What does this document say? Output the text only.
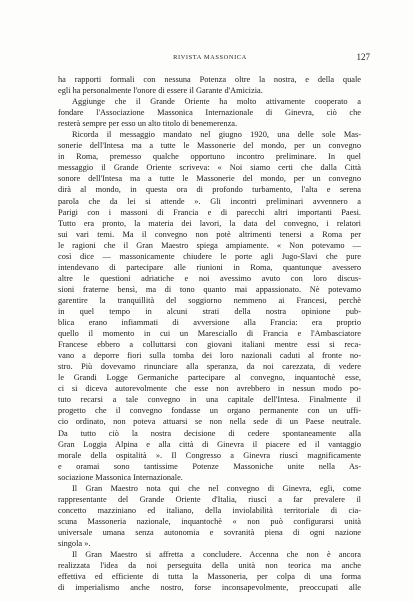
RIVISTA MASSONICA	127
ha rapporti formali con nessuna Potenza oltre la nostra, e della quale
egli ha personalmente l'onore di essere il Garante d'Amicizia.
Aggiunge che il Grande Oriente ha molto attivamente cooperato a
fondare l'Associazione Massonica Internazionale di Ginevra, ciò che
resterà sempre per esso un alto titolo di benemerenza.
Ricorda il messaggio mandato nel giugno 1920, una delle sole Mas-
sonerie dell'Intesa ma a tutte le Massonerie del mondo, per un convegno
in Roma, premesso qualche opportuno incontro preliminare. In quel
messaggio il Grande Oriente scriveva: « Noi siamo certi che dalla Città
sonore dell'Intesa ma a tutte le Massonerie del mondo, per un convegno
dirà al mondo, in questa ora di profondo turbamento, l'alta e serena
parola che da lei si attende ». Gli incontri preliminari avvennero a
Parigi con i massoni di Francia e di parecchi altri importanti Paesi.
Tutto era pronto, la materia dei lavori, la data del convegno, i relatori
sui vari temi. Ma il convegno non potè altrimenti tenersi a Roma per
le ragioni che il Gran Maestro spiega ampiamente. « Non potevamo —
così dice — massonicamente chiudere le porte agli Jugo-Slavi che pure
intendevano di partecipare alle riunioni in Roma, quantunque avessero
altre le questioni adriatiche e noi avessimo avuto con loro discus-
sioni fraterne bensì, ma di tono quanto mai appassionato. Nè potevamo
garentire la tranquillità del soggiorno nemmeno ai Francesi, perchè
in quel tempo in alcuni strati della nostra opinione pub-
blica erano infiammati di avversione alla Francia: era proprio
quello il momento in cui un Maresciallo di Francia e l'Ambasciatore
Francese ebbero a colluttarsi con giovani italiani mentre essi si reca-
vano a deporre fiori sulla tomba dei loro nazionali caduti al fronte no-
stro. Più dovevamo rinunciare alla speranza, da noi carezzata, di vedere
le Grandi Logge Germaniche partecipare al convegno, inquantochè esse,
ci si diceva autorevolmente che esse non avrebbero in nessun modo po-
tuto recarsi a tale convegno in una capitale dell'Intesa. Finalmente il
progetto che il convegno fondasse un organo permanente con un uffi-
cio ordinato, non poteva attuarsi se non nella sede di un Paese neutrale.
Da tutto ciò la nostra decisione di cedere spontaneamente alla
Gran Loggia Alpina e alla città di Ginevra il piacere ed il vantaggio
morale della ospitalità ». Il Congresso a Ginevra riuscì magnificamente
e oramai sono tantissime Potenze Massoniche unite nella As-
sociazione Massonica Internazionale.
Il Gran Maestro nota qui che nel convegno di Ginevra, egli, come
rappresentante del Grande Oriente d'Italia, riuscì a far prevalere il
concetto mazziniano ed italiano, della inviolabilità territoriale di cia-
scuna Massoneria nazionale, inquantochè « non può configurarsi unità
universale umana senza autonomia e sovranità piena di ogni nazione
singola ».
Il Gran Maestro si affretta a concludere. Accenna che non è ancora
realizzata l'idea da noi perseguita della unità non teorica ma anche
effettiva ed efficiente di tutta la Massoneria, per colpa di una forma
di imperialismo anche nostro, forse inconsapevolmente, preoccupati alle
